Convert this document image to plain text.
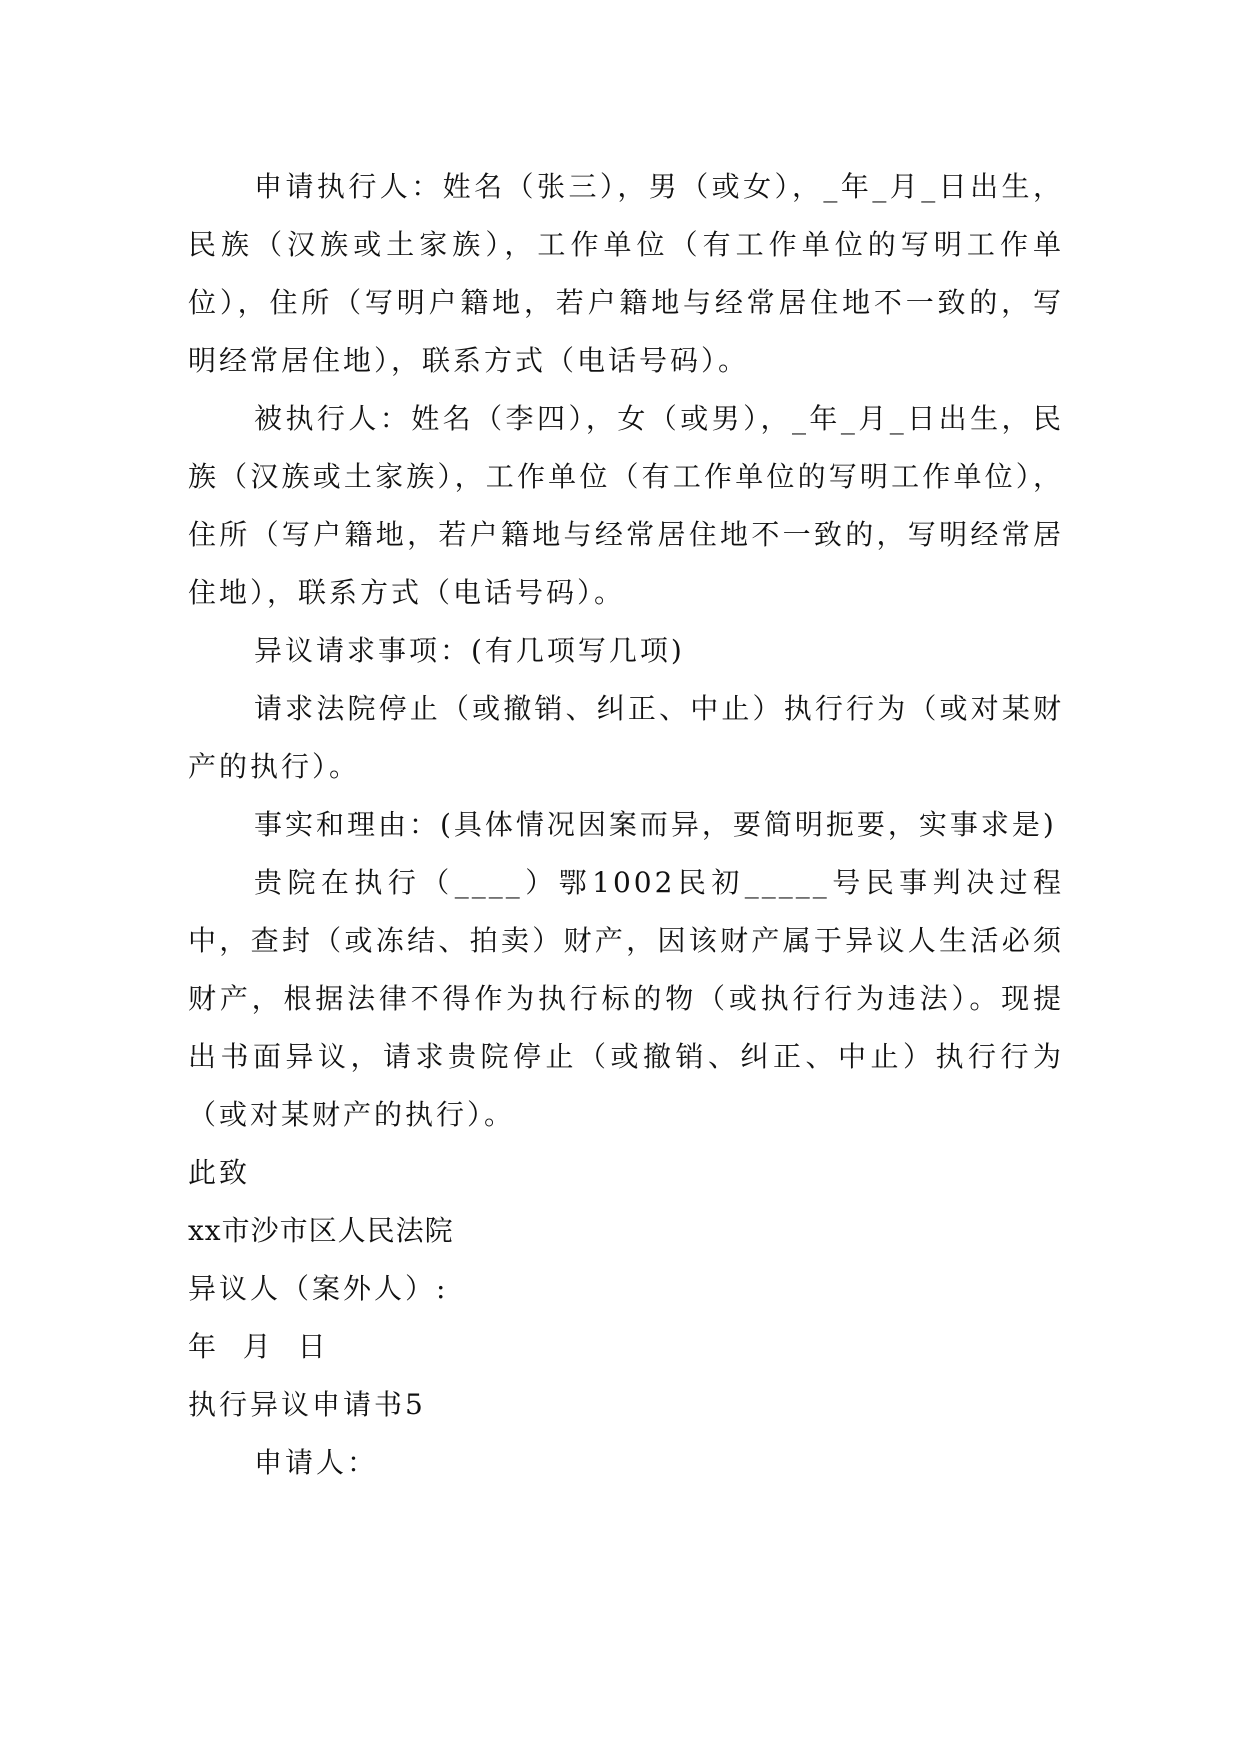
申请执行人：姓名（张三），男（或女），_年_月_日出生，民族（汉族或土家族），工作单位（有工作单位的写明工作单位），住所（写明户籍地，若户籍地与经常居住地不一致的，写明经常居住地），联系方式（电话号码）。

被执行人：姓名（李四），女（或男），_年_月_日出生，民族（汉族或土家族），工作单位（有工作单位的写明工作单位），住所（写户籍地，若户籍地与经常居住地不一致的，写明经常居住地），联系方式（电话号码）。

异议请求事项：(有几项写几项)

请求法院停止（或撤销、纠正、中止）执行行为（或对某财产的执行）。

事实和理由：(具体情况因案而异，要简明扼要，实事求是)

贵院在执行（____）鄂1002民初_____号民事判决过程中，查封（或冻结、拍卖）财产，因该财产属于异议人生活必须财产，根据法律不得作为执行标的物（或执行行为违法）。现提出书面异议，请求贵院停止（或撤销、纠正、中止）执行行为（或对某财产的执行）。

此致

xx市沙市区人民法院

异议人（案外人）:

年  月  日

执行异议申请书5

申请人：
